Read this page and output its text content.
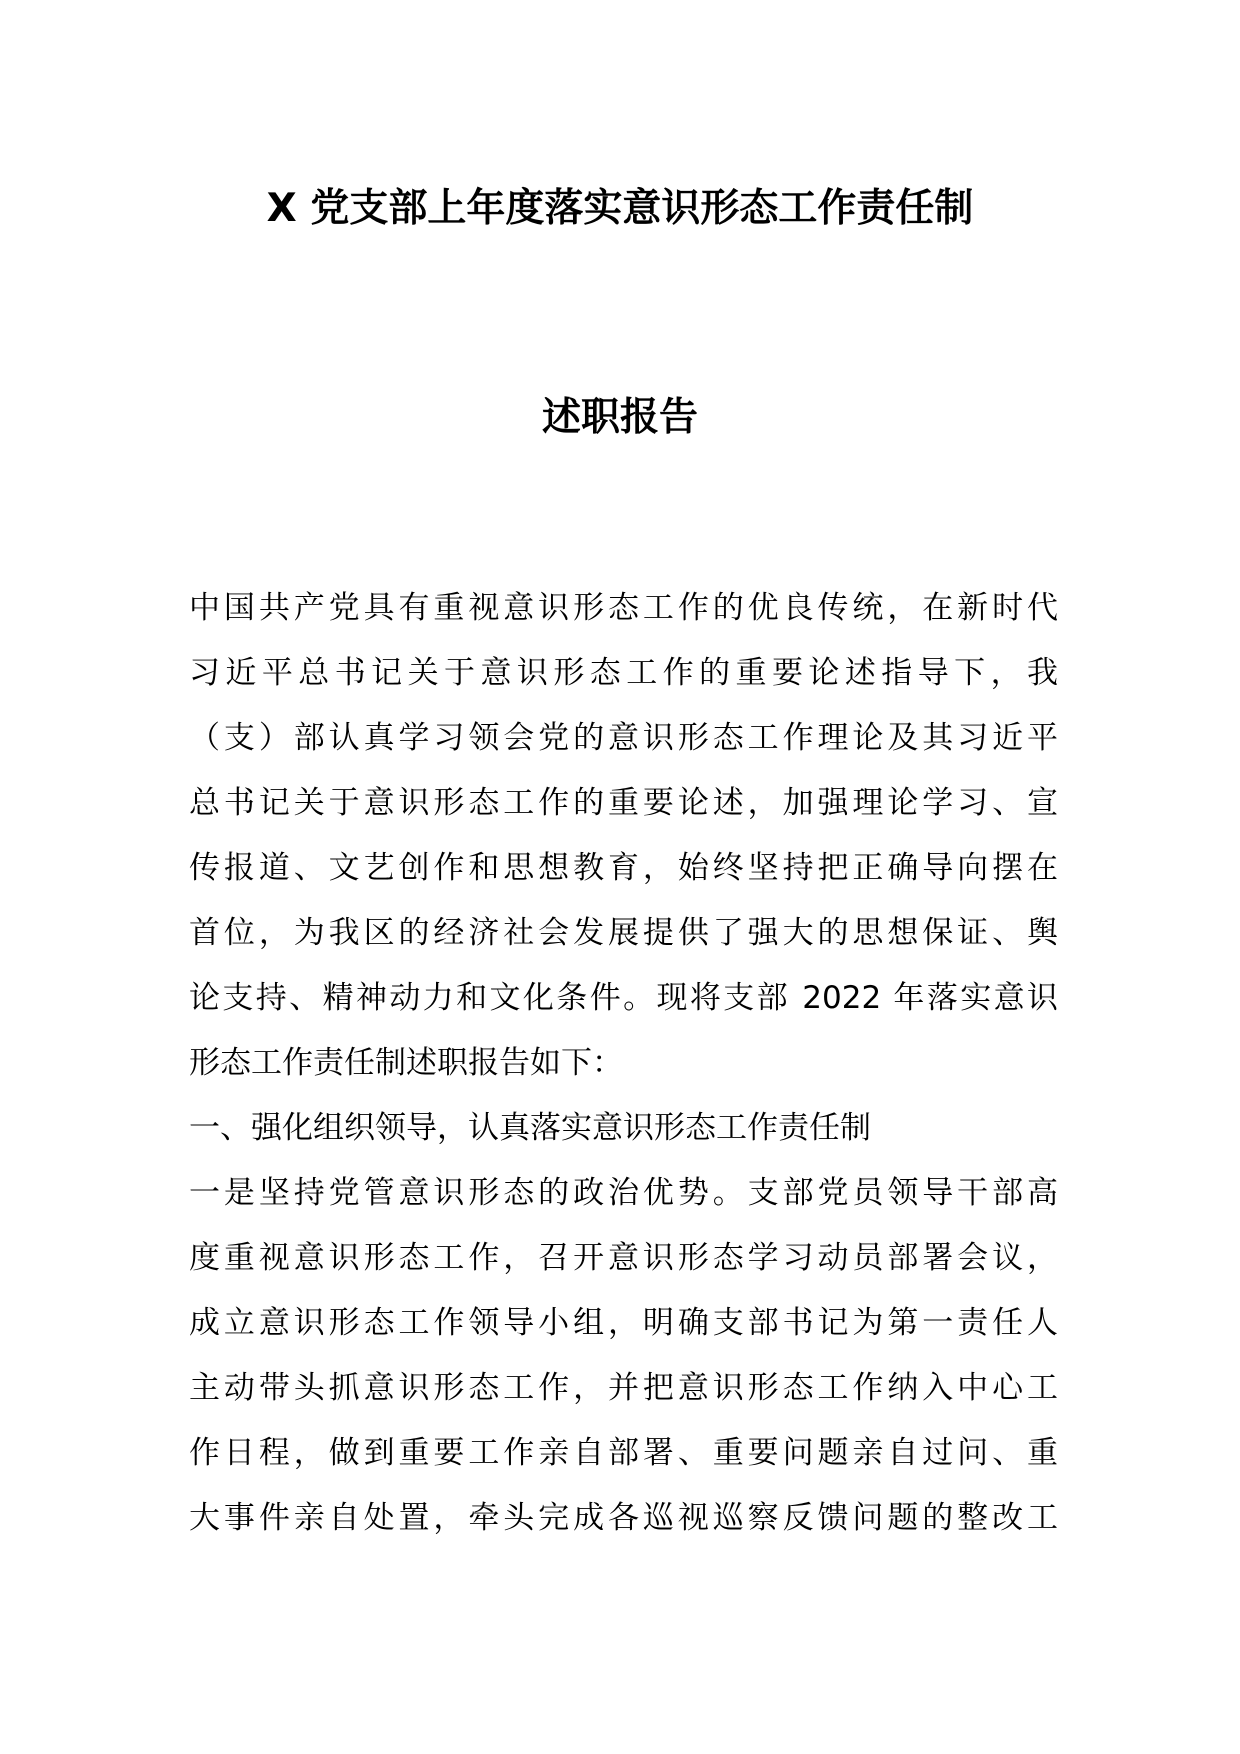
X 党支部上年度落实意识形态工作责任制
述职报告
中国共产党具有重视意识形态工作的优良传统，在新时代
习近平总书记关于意识形态工作的重要论述指导下，我
（支）部认真学习领会党的意识形态工作理论及其习近平
总书记关于意识形态工作的重要论述，加强理论学习、宣
传报道、文艺创作和思想教育，始终坚持把正确导向摆在
首位，为我区的经济社会发展提供了强大的思想保证、舆
论支持、精神动力和文化条件。现将支部 2022 年落实意识
形态工作责任制述职报告如下：
一、强化组织领导，认真落实意识形态工作责任制
一是坚持党管意识形态的政治优势。支部党员领导干部高
度重视意识形态工作，召开意识形态学习动员部署会议，
成立意识形态工作领导小组，明确支部书记为第一责任人
主动带头抓意识形态工作，并把意识形态工作纳入中心工
作日程，做到重要工作亲自部署、重要问题亲自过问、重
大事件亲自处置，牵头完成各巡视巡察反馈问题的整改工
